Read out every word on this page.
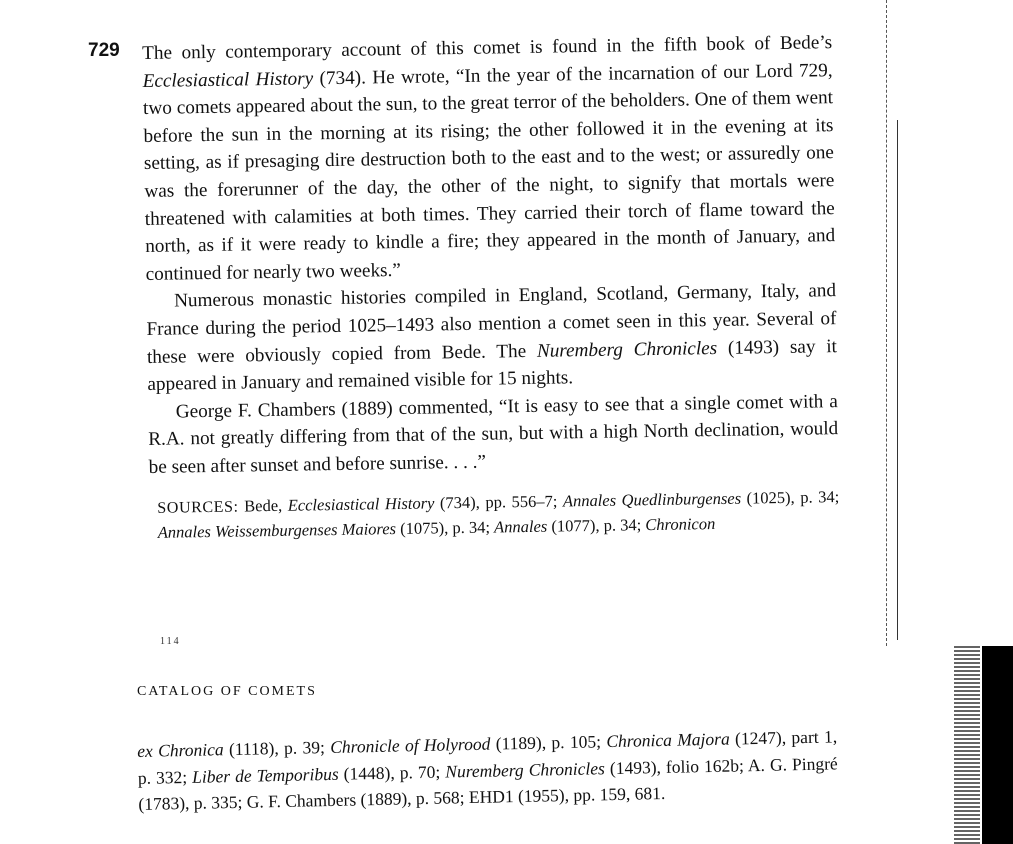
729 The only contemporary account of this comet is found in the fifth book of Bede’s Ecclesiastical History (734). He wrote, “In the year of the incarnation of our Lord 729, two comets appeared about the sun, to the great terror of the beholders. One of them went before the sun in the morning at its rising; the other followed it in the evening at its setting, as if presaging dire destruction both to the east and to the west; or assuredly one was the forerunner of the day, the other of the night, to signify that mortals were threatened with calamities at both times. They carried their torch of flame toward the north, as if it were ready to kindle a fire; they appeared in the month of January, and continued for nearly two weeks.”

Numerous monastic histories compiled in England, Scotland, Germany, Italy, and France during the period 1025–1493 also mention a comet seen in this year. Several of these were obviously copied from Bede. The Nuremberg Chronicles (1493) say it appeared in January and remained visible for 15 nights.

George F. Chambers (1889) commented, “It is easy to see that a single comet with a R.A. not greatly differing from that of the sun, but with a high North declination, would be seen after sunset and before sunrise. . . .”

SOURCES: Bede, Ecclesiastical History (734), pp. 556–7; Annales Quedlinburgenses (1025), p. 34; Annales Weissemburgenses Maiores (1075), p. 34; Annales (1077), p. 34; Chronicon

114
CATALOG OF COMETS

ex Chronica (1118), p. 39; Chronicle of Holyrood (1189), p. 105; Chronica Majora (1247), part 1, p. 332; Liber de Temporibus (1448), p. 70; Nuremberg Chronicles (1493), folio 162b; A. G. Pingré (1783), p. 335; G. F. Chambers (1889), p. 568; EHD1 (1955), pp. 159, 681.
